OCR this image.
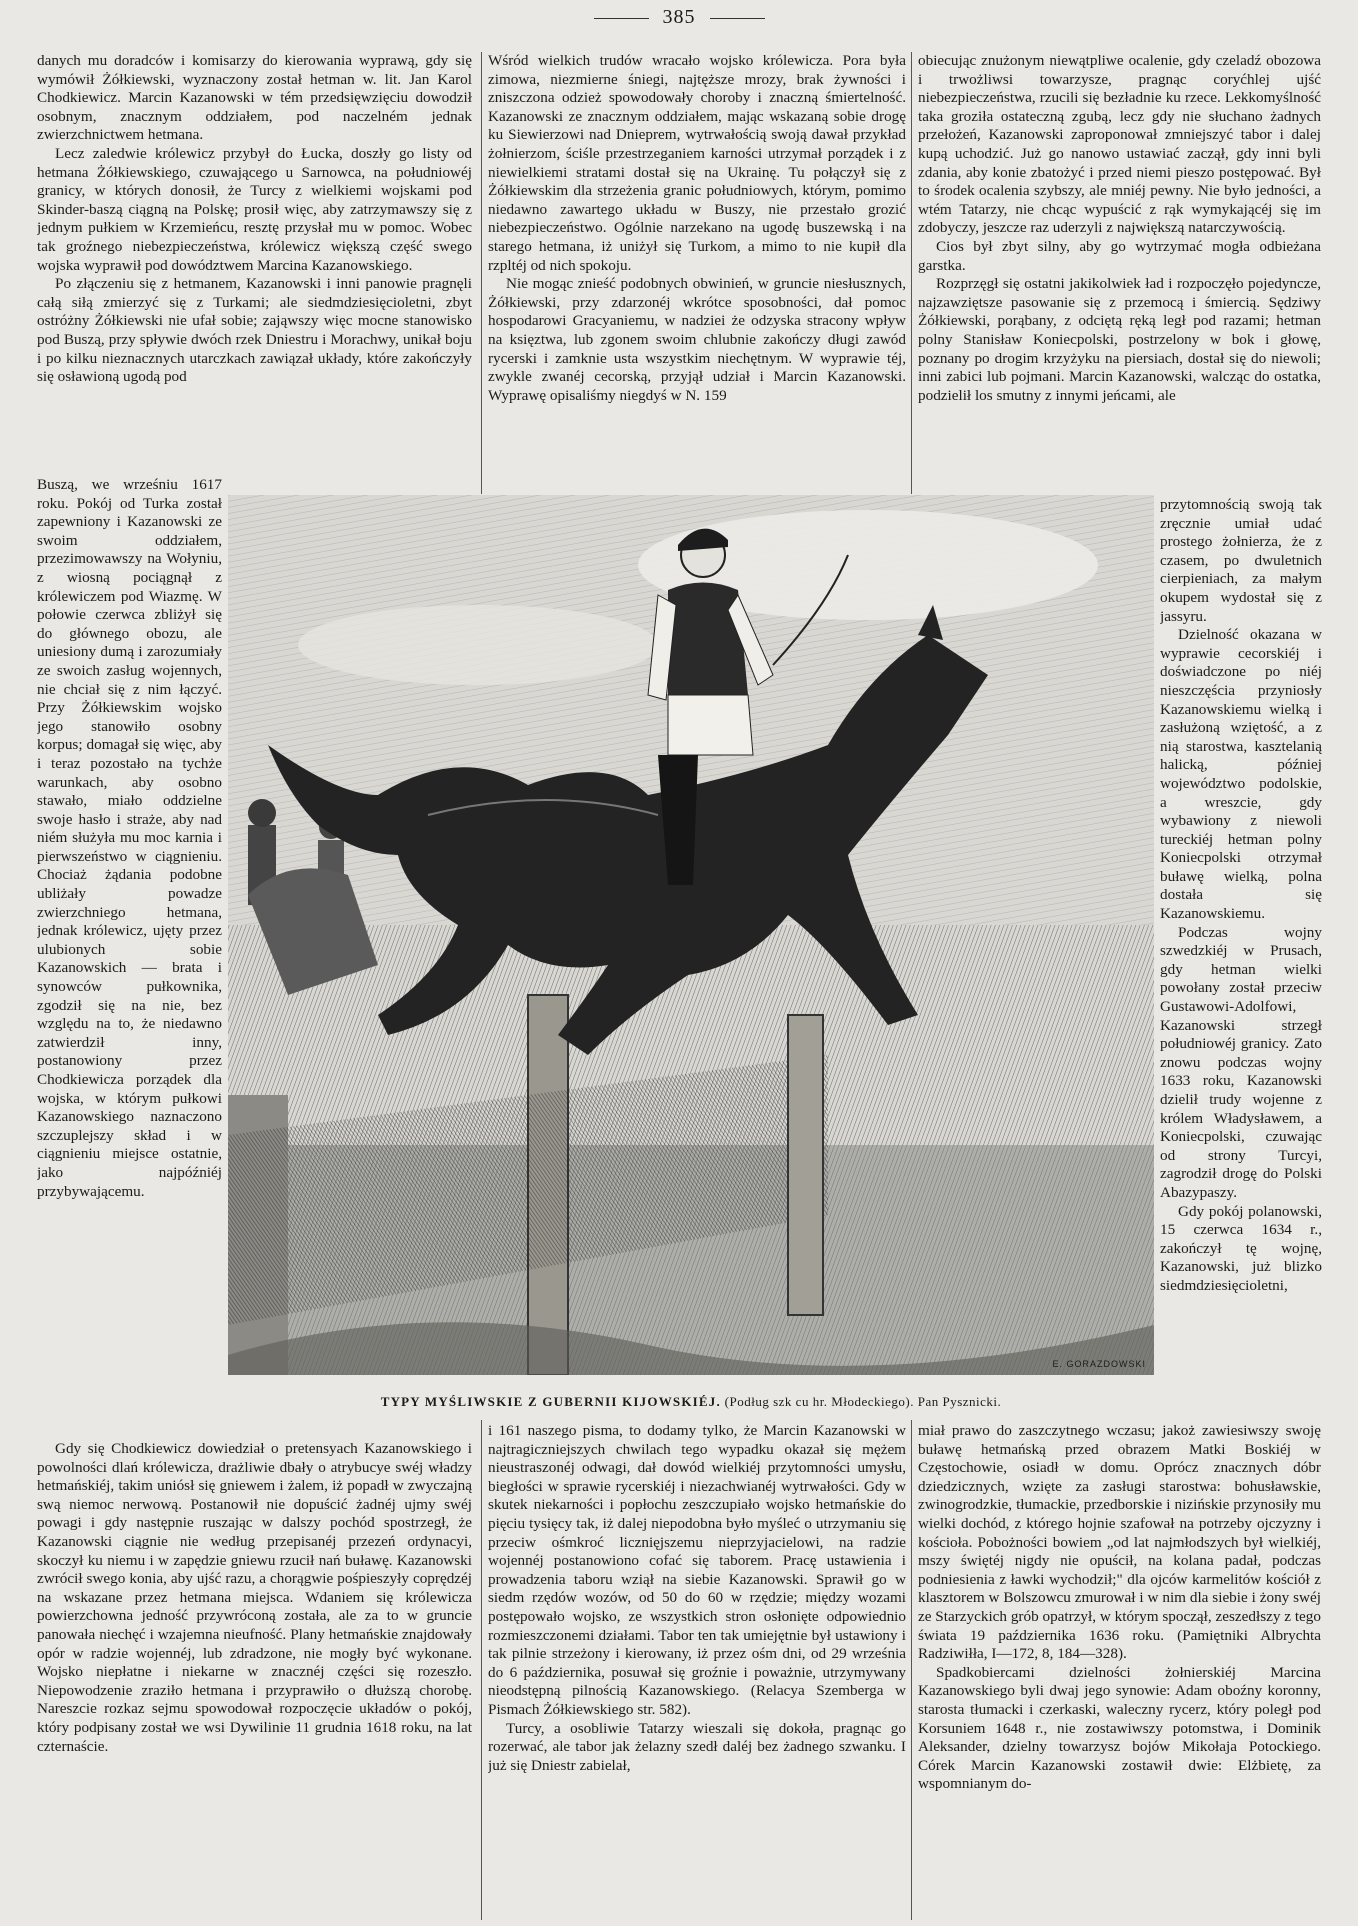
385

danych mu doradców i komisarzy do kierowania wyprawą, gdy się wymówił Żółkiewski, wyznaczony został hetman w. lit. Jan Karol Chodkiewicz. Marcin Kazanowski w tém przedsięwzięciu dowodził osobnym, znacznym oddziałem, pod naczelném jednak zwierzchnictwem hetmana.

Lecz zaledwie królewicz przybył do Łucka, doszły go listy od hetmana Żółkiewskiego, czuwającego u Sarnowca, na południowéj granicy, w których donosił, że Turcy z wielkiemi wojskami pod Skinder-baszą ciągną na Polskę; prosił więc, aby zatrzymawszy się z jednym pułkiem w Krzemieńcu, resztę przysłał mu w pomoc. Wobec tak groźnego niebezpieczeństwa, królewicz większą część swego wojska wyprawił pod dowództwem Marcina Kazanowskiego.

Po złączeniu się z hetmanem, Kazanowski i inni panowie pragnęli całą siłą zmierzyć się z Turkami; ale siedmdziesięcioletni, zbyt ostróżny Żółkiewski nie ufał sobie; zająwszy więc mocne stanowisko pod Buszą, przy spływie dwóch rzek Dniestru i Morachwy, unikał boju i po kilku nieznacznych utarczkach zawiązał układy, które zakończyły się osławioną ugodą pod

Wśród wielkich trudów wracało wojsko królewicza. Pora była zimowa, niezmierne śniegi, najtęższe mrozy, brak żywności i zniszczona odzież spowodowały choroby i znaczną śmiertelność. Kazanowski ze znacznym oddziałem, mając wskazaną sobie drogę ku Siewierzowi nad Dnieprem, wytrwałością swoją dawał przykład żołnierzom, ściśle przestrzeganiem karności utrzymał porządek i z niewielkiemi stratami dostał się na Ukrainę. Tu połączył się z Żółkiewskim dla strzeżenia granic południowych, którym, pomimo niedawno zawartego układu w Buszy, nie przestało grozić niebezpieczeństwo. Ogólnie narzekano na ugodę buszewską i na starego hetmana, iż uniżył się Turkom, a mimo to nie kupił dla rzpltéj od nich spokoju.

Nie mogąc znieść podobnych obwinień, w gruncie niesłusznych, Żółkiewski, przy zdarzonéj wkrótce sposobności, dał pomoc hospodarowi Gracyaniemu, w nadziei że odzyska stracony wpływ na księztwa, lub zgonem swoim chlubnie zakończy długi zawód rycerski i zamknie usta wszystkim niechętnym. W wyprawie téj, zwykle zwanéj cecorską, przyjął udział i Marcin Kazanowski. Wyprawę opisaliśmy niegdyś w N. 159

obiecując znużonym niewątpliwe ocalenie, gdy czeladź obozowa i trwożliwsi towarzysze, pragnąc coryćhlej ujść niebezpieczeństwa, rzucili się bezładnie ku rzece. Lekkomyślność taka groziła ostateczną zgubą, lecz gdy nie słuchano żadnych przełożeń, Kazanowski zaproponował zmniejszyć tabor i dalej kupą uchodzić. Już go nanowo ustawiać zaczął, gdy inni byli zdania, aby konie zbatożyć i przed niemi pieszo postępować. Był to środek ocalenia szybszy, ale mniéj pewny. Nie było jedności, a wtém Tatarzy, nie chcąc wypuścić z rąk wymykającéj się im zdobyczy, jeszcze raz uderzyli z największą natarczywością.

Cios był zbyt silny, aby go wytrzymać mogła odbieżana garstka.

Rozprzęgł się ostatni jakikolwiek ład i rozpoczęło pojedyncze, najzawziętsze pasowanie się z przemocą i śmiercią. Sędziwy Żółkiewski, porąbany, z odciętą ręką legł pod razami; hetman polny Stanisław Koniecpolski, postrzelony w bok i głowę, poznany po drogim krzyżyku na piersiach, dostał się do niewoli; inni zabici lub pojmani. Marcin Kazanowski, walcząc do ostatka, podzielił los smutny z innymi jeńcami, ale

Buszą, we wrześniu 1617 roku. Pokój od Turka został zapewniony i Kazanowski ze swoim oddziałem, przezimowawszy na Wołyniu, z wiosną pociągnął z królewiczem pod Wiazmę. W połowie czerwca zbliżył się do głównego obozu, ale uniesiony dumą i zarozumiały ze swoich zasług wojennych, nie chciał się z nim łączyć. Przy Żółkiewskim wojsko jego stanowiło osobny korpus; domagał się więc, aby i teraz pozostało na tychże warunkach, aby osobno stawało, miało oddzielne swoje hasło i straże, aby nad niém służyła mu moc karnia i pierwszeństwo w ciągnieniu. Chociaż żądania podobne ubliżały powadze zwierzchniego hetmana, jednak królewicz, ujęty przez ulubionych sobie Kazanowskich — brata i synowców pułkownika, zgodził się na nie, bez względu na to, że niedawno zatwierdził inny, postanowiony przez Chodkiewicza porządek dla wojska, w którym pułkowi Kazanowskiego naznaczono szczuplejszy skład i w ciągnieniu miejsce ostatnie, jako najpóźniéj przybywającemu.

przytomnością swoją tak zręcznie umiał udać prostego żołnierza, że z czasem, po dwuletnich cierpieniach, za małym okupem wydostał się z jassyru.

Dzielność okazana w wyprawie cecorskiéj i doświadczone po niéj nieszczęścia przyniosły Kazanowskiemu wielką i zasłużoną wziętość, a z nią starostwa, kasztelanią halicką, później województwo podolskie, a wreszcie, gdy wybawiony z niewoli tureckiéj hetman polny Koniecpolski otrzymał buławę wielką, polna dostała się Kazanowskiemu.

Podczas wojny szwedzkiéj w Prusach, gdy hetman wielki powołany został przeciw Gustawowi-Adolfowi, Kazanowski strzegł południowéj granicy. Zato znowu podczas wojny 1633 roku, Kazanowski dzielił trudy wojenne z królem Władysławem, a Koniecpolski, czuwając od strony Turcyi, zagrodził drogę do Polski Abazypaszy.

Gdy pokój polanowski, 15 czerwca 1634 r., zakończył tę wojnę, Kazanowski, już blizko siedmdziesięcioletni,

E. GORAZDOWSKI
TYPY MYŚLIWSKIE Z GUBERNII KIJOWSKIÉJ. (Podług szk cu hr. Młodeckiego). Pan Pysznicki.

Gdy się Chodkiewicz dowiedział o pretensyach Kazanowskiego i powolności dlań królewicza, drażliwie dbały o atrybucye swéj władzy hetmańskiéj, takim uniósł się gniewem i żalem, iż popadł w zwyczajną swą niemoc nerwową. Postanowił nie dopuścić żadnéj ujmy swéj powagi i gdy następnie ruszając w dalszy pochód spostrzegł, że Kazanowski ciągnie nie według przepisanéj przezeń ordynacyi, skoczył ku niemu i w zapędzie gniewu rzucił nań buławę. Kazanowski zwrócił swego konia, aby ujść razu, a chorągwie pośpieszyły coprędzéj na wskazane przez hetmana miejsca. Wdaniem się królewicza powierzchowna jedność przywróconą została, ale za to w gruncie panowała niechęć i wzajemna nieufność. Plany hetmańskie znajdowały opór w radzie wojennéj, lub zdradzone, nie mogły być wykonane. Wojsko niepłatne i niekarne w znacznéj części się rozeszło. Niepowodzenie zraziło hetmana i przyprawiło o dłuższą chorobę. Nareszcie rozkaz sejmu spowodował rozpoczęcie układów o pokój, który podpisany został we wsi Dywilinie 11 grudnia 1618 roku, na lat czternaście.

i 161 naszego pisma, to dodamy tylko, że Marcin Kazanowski w najtragiczniejszych chwilach tego wypadku okazał się mężem nieustraszonéj odwagi, dał dowód wielkiéj przytomności umysłu, biegłości w sprawie rycerskiéj i niezachwianéj wytrwałości. Gdy w skutek niekarności i popłochu zeszczupiało wojsko hetmańskie do pięciu tysięcy tak, iż dalej niepodobna było myśleć o utrzymaniu się przeciw ośmkroć licznięjszemu nieprzyjacielowi, na radzie wojennéj postanowiono cofać się taborem. Pracę ustawienia i prowadzenia taboru wziął na siebie Kazanowski. Sprawił go w siedm rzędów wozów, od 50 do 60 w rzędzie; między wozami postępowało wojsko, ze wszystkich stron osłonięte odpowiednio rozmieszczonemi działami. Tabor ten tak umiejętnie był ustawiony i tak pilnie strzeżony i kierowany, iż przez ośm dni, od 29 września do 6 października, posuwał się groźnie i poważnie, utrzymywany nieodstępną pilnością Kazanowskiego. (Relacya Szemberga w Pismach Żółkiewskiego str. 582).

Turcy, a osobliwie Tatarzy wieszali się dokoła, pragnąc go rozerwać, ale tabor jak żelazny szedł daléj bez żadnego szwanku. I już się Dniestr zabielał,

miał prawo do zaszczytnego wczasu; jakoż zawiesiwszy swoję buławę hetmańską przed obrazem Matki Boskiéj w Częstochowie, osiadł w domu. Oprócz znacznych dóbr dziedzicznych, wzięte za zasługi starostwa: bohusławskie, zwinogrodzkie, tłumackie, przedborskie i nizińskie przynosiły mu wielki dochód, z którego hojnie szafował na potrzeby ojczyzny i kościoła. Pobożności bowiem „od lat najmłodszych był wielkiéj, mszy świętéj nigdy nie opuścił, na kolana padał, podczas podniesienia z ławki wychodził;" dla ojców karmelitów kościół z klasztorem w Bolszowcu zmurował i w nim dla siebie i żony swéj ze Starzyckich grób opatrzył, w którym spoczął, zeszedłszy z tego świata 19 października 1636 roku. (Pamiętniki Albrychta Radziwiłła, I—172, 8, 184—328).

Spadkobiercami dzielności żołnierskiéj Marcina Kazanowskiego byli dwaj jego synowie: Adam oboźny koronny, starosta tłumacki i czerkaski, waleczny rycerz, który poległ pod Korsuniem 1648 r., nie zostawiwszy potomstwa, i Dominik Aleksander, dzielny towarzysz bojów Mikołaja Potockiego. Córek Marcin Kazanowski zostawił dwie: Elżbietę, za wspomnianym do-
